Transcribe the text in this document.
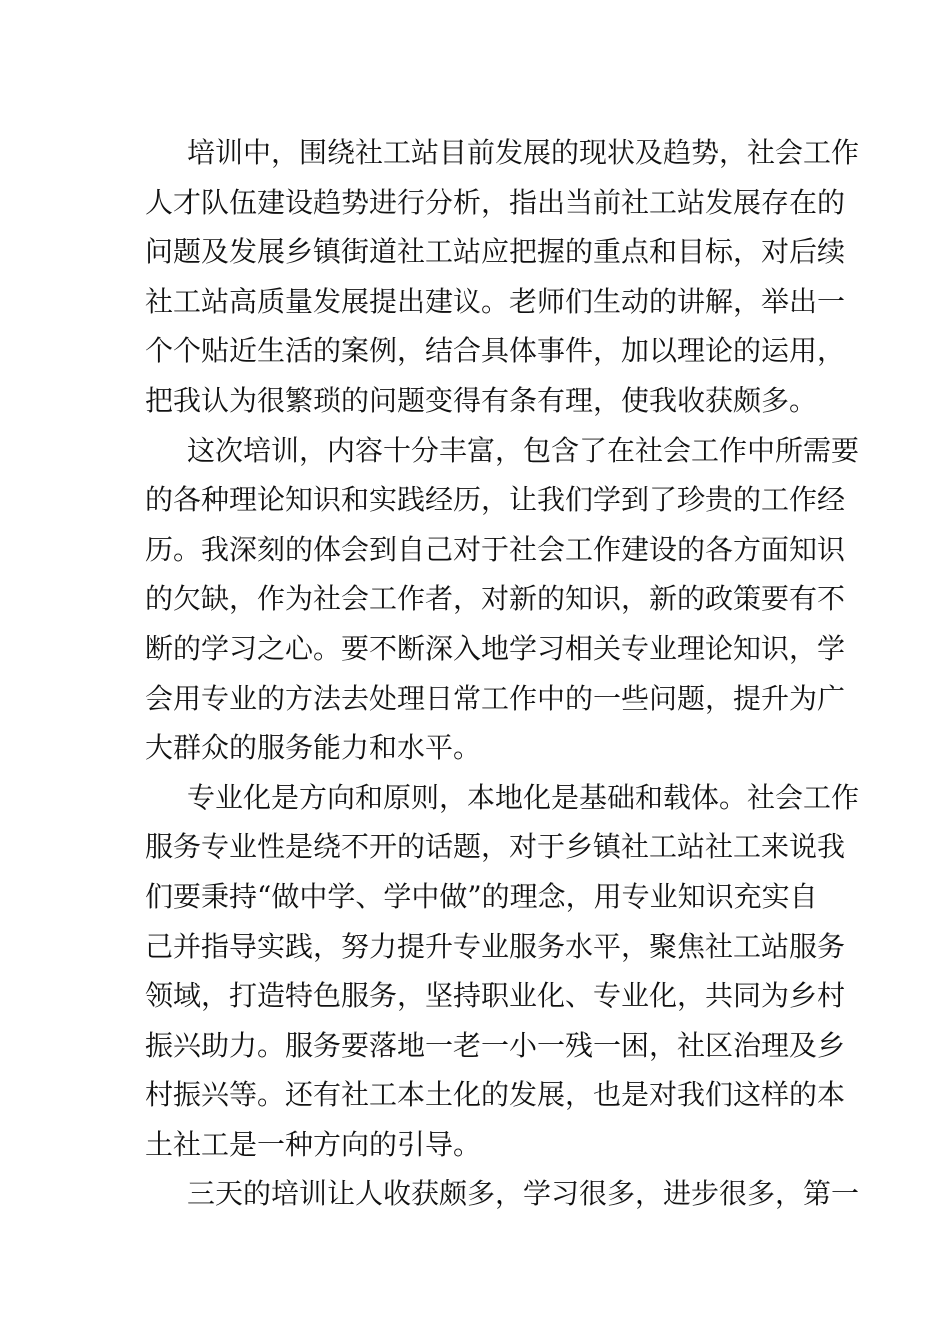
培训中，围绕社工站目前发展的现状及趋势，社会工作
人才队伍建设趋势进行分析，指出当前社工站发展存在的
问题及发展乡镇街道社工站应把握的重点和目标，对后续
社工站高质量发展提出建议。老师们生动的讲解，举出一
个个贴近生活的案例，结合具体事件，加以理论的运用，
把我认为很繁琐的问题变得有条有理，使我收获颇多。
这次培训，内容十分丰富，包含了在社会工作中所需要
的各种理论知识和实践经历，让我们学到了珍贵的工作经
历。我深刻的体会到自己对于社会工作建设的各方面知识
的欠缺，作为社会工作者，对新的知识，新的政策要有不
断的学习之心。要不断深入地学习相关专业理论知识，学
会用专业的方法去处理日常工作中的一些问题，提升为广
大群众的服务能力和水平。
专业化是方向和原则，本地化是基础和载体。社会工作
服务专业性是绕不开的话题，对于乡镇社工站社工来说我
们要秉持“做中学、学中做”的理念，用专业知识充实自
己并指导实践，努力提升专业服务水平，聚焦社工站服务
领域，打造特色服务，坚持职业化、专业化，共同为乡村
振兴助力。服务要落地一老一小一残一困，社区治理及乡
村振兴等。还有社工本土化的发展，也是对我们这样的本
土社工是一种方向的引导。
三天的培训让人收获颇多，学习很多，进步很多，第一
